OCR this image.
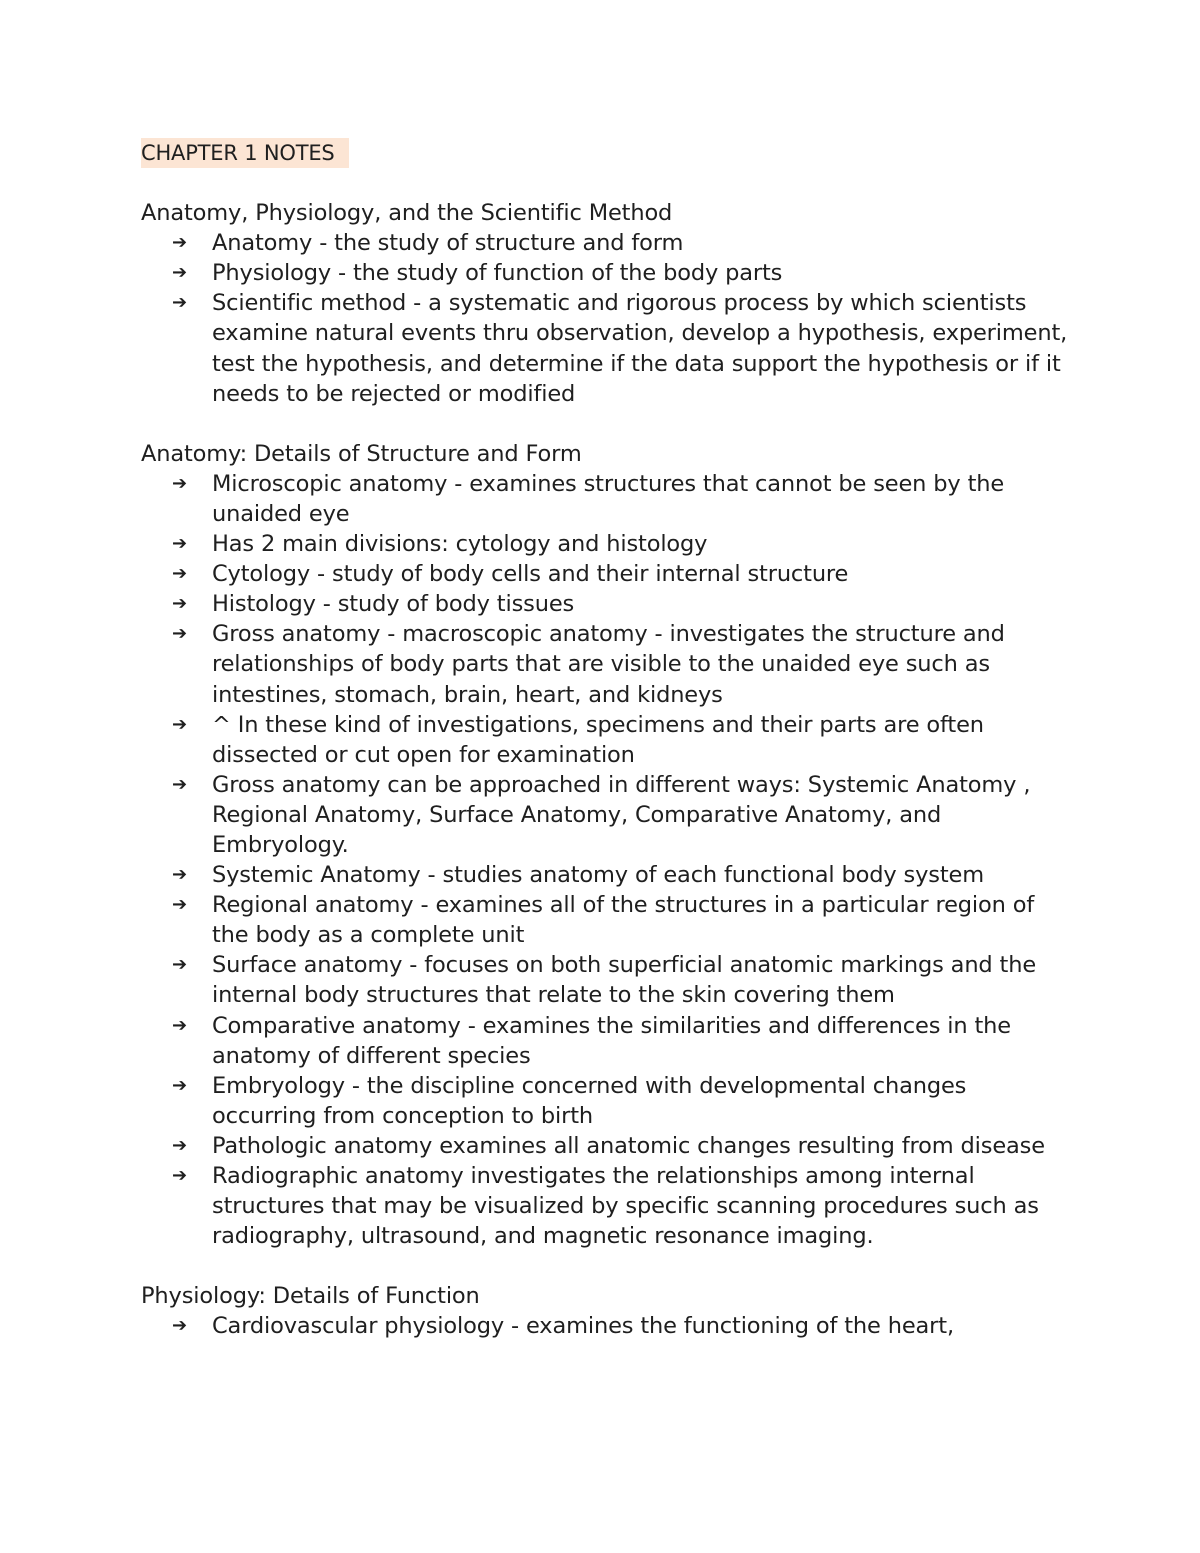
CHAPTER 1 NOTES

Anatomy, Physiology, and the Scientific Method

➔ Anatomy - the study of structure and form
➔ Physiology - the study of function of the body parts
➔ Scientific method - a systematic and rigorous process by which scientists examine natural events thru observation, develop a hypothesis, experiment, test the hypothesis, and determine if the data support the hypothesis or if it needs to be rejected or modified

Anatomy: Details of Structure and Form

➔ Microscopic anatomy - examines structures that cannot be seen by the unaided eye
➔ Has 2 main divisions: cytology and histology
➔ Cytology - study of body cells and their internal structure
➔ Histology - study of body tissues
➔ Gross anatomy - macroscopic anatomy - investigates the structure and relationships of body parts that are visible to the unaided eye such as intestines, stomach, brain, heart, and kidneys
➔ ^ In these kind of investigations, specimens and their parts are often dissected or cut open for examination
➔ Gross anatomy can be approached in different ways: Systemic Anatomy , Regional Anatomy, Surface Anatomy, Comparative Anatomy, and Embryology.
➔ Systemic Anatomy - studies anatomy of each functional body system
➔ Regional anatomy - examines all of the structures in a particular region of the body as a complete unit
➔ Surface anatomy - focuses on both superficial anatomic markings and the internal body structures that relate to the skin covering them
➔ Comparative anatomy - examines the similarities and differences in the anatomy of different species
➔ Embryology - the discipline concerned with developmental changes occurring from conception to birth
➔ Pathologic anatomy examines all anatomic changes resulting from disease
➔ Radiographic anatomy investigates the relationships among internal structures that may be visualized by specific scanning procedures such as radiography, ultrasound, and magnetic resonance imaging.

Physiology: Details of Function

➔ Cardiovascular physiology - examines the functioning of the heart,
